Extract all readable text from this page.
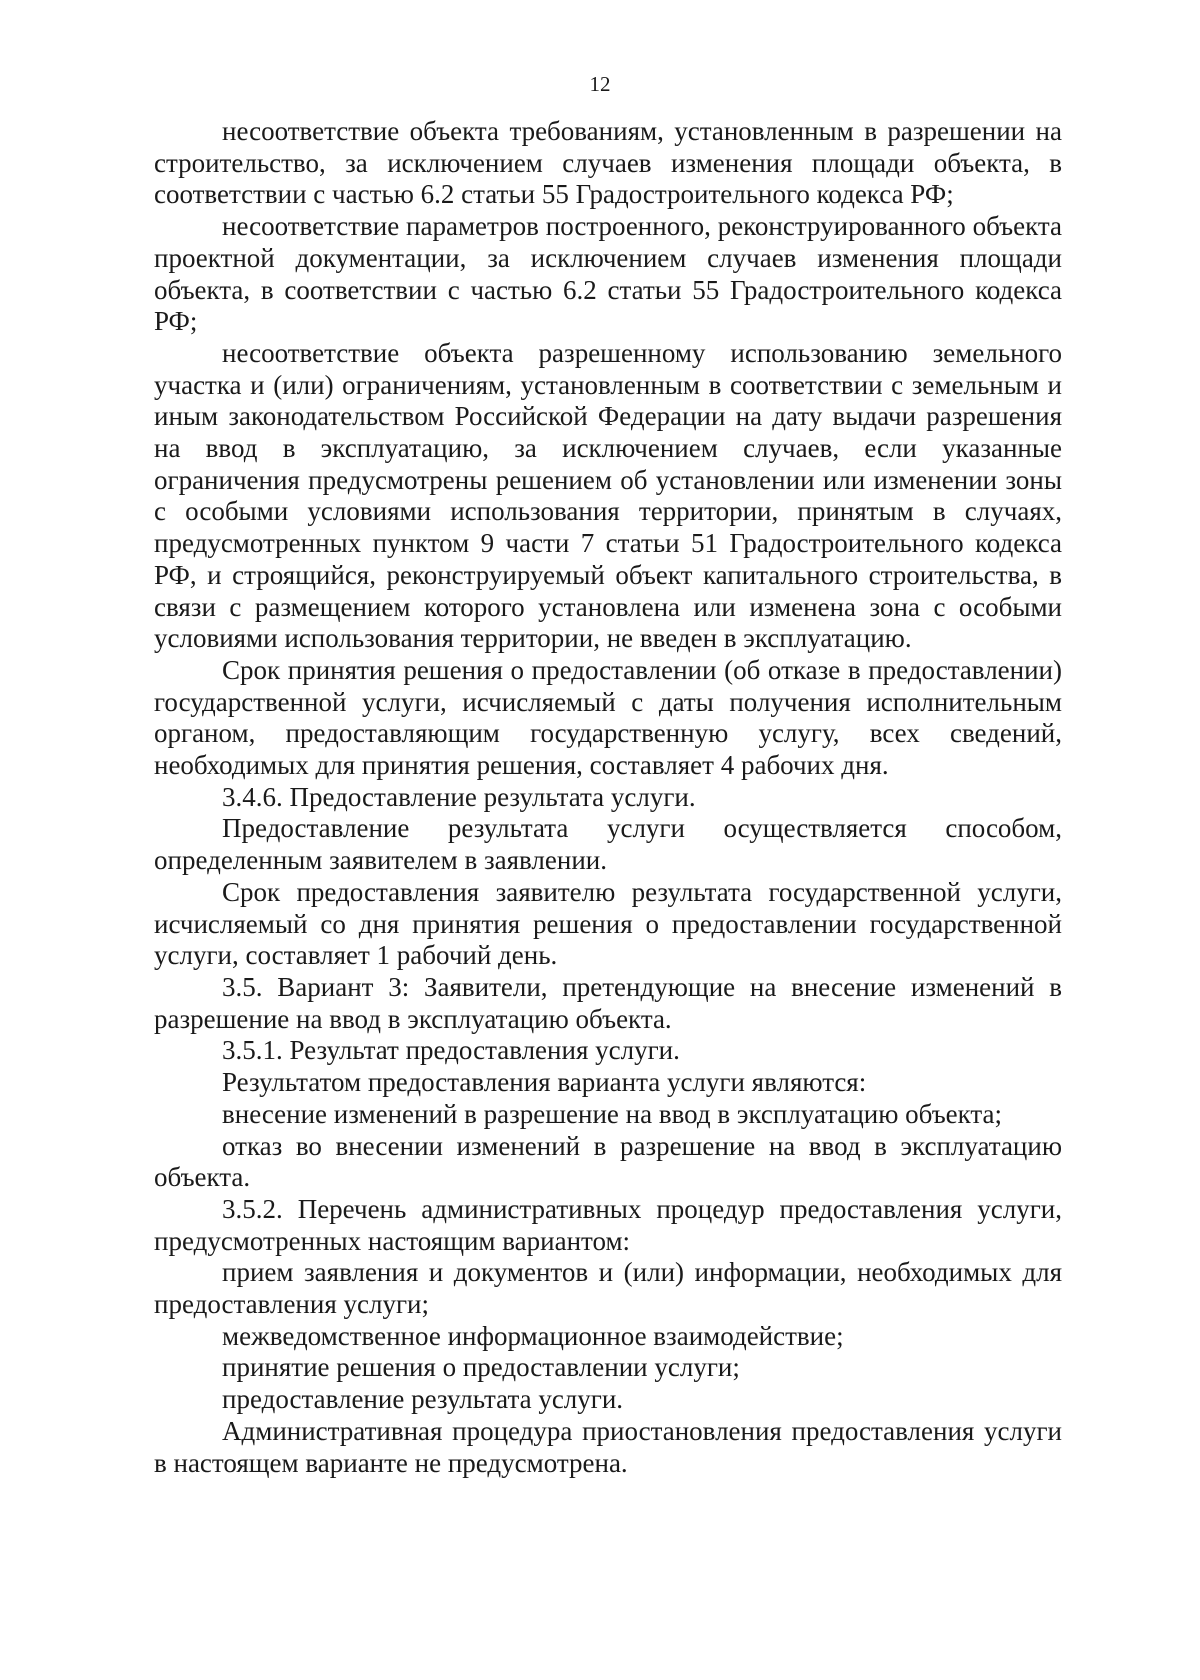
12

несоответствие объекта требованиям, установленным в разрешении на строительство, за исключением случаев изменения площади объекта, в соответствии с частью 6.2 статьи 55 Градостроительного кодекса РФ;

несоответствие параметров построенного, реконструированного объекта проектной документации, за исключением случаев изменения площади объекта, в соответствии с частью 6.2 статьи 55 Градостроительного кодекса РФ;

несоответствие объекта разрешенному использованию земельного участка и (или) ограничениям, установленным в соответствии с земельным и иным законодательством Российской Федерации на дату выдачи разрешения на ввод в эксплуатацию, за исключением случаев, если указанные ограничения предусмотрены решением об установлении или изменении зоны с особыми условиями использования территории, принятым в случаях, предусмотренных пунктом 9 части 7 статьи 51 Градостроительного кодекса РФ, и строящийся, реконструируемый объект капитального строительства, в связи с размещением которого установлена или изменена зона с особыми условиями использования территории, не введен в эксплуатацию.

Срок принятия решения о предоставлении (об отказе в предоставлении) государственной услуги, исчисляемый с даты получения исполнительным органом, предоставляющим государственную услугу, всех сведений, необходимых для принятия решения, составляет 4 рабочих дня.

3.4.6. Предоставление результата услуги.

Предоставление результата услуги осуществляется способом, определенным заявителем в заявлении.

Срок предоставления заявителю результата государственной услуги, исчисляемый со дня принятия решения о предоставлении государственной услуги, составляет 1 рабочий день.

3.5. Вариант 3: Заявители, претендующие на внесение изменений в разрешение на ввод в эксплуатацию объекта.

3.5.1. Результат предоставления услуги.

Результатом предоставления варианта услуги являются:

внесение изменений в разрешение на ввод в эксплуатацию объекта;

отказ во внесении изменений в разрешение на ввод в эксплуатацию объекта.

3.5.2. Перечень административных процедур предоставления услуги, предусмотренных настоящим вариантом:

прием заявления и документов и (или) информации, необходимых для предоставления услуги;

межведомственное информационное взаимодействие;

принятие решения о предоставлении услуги;

предоставление результата услуги.

Административная процедура приостановления предоставления услуги в настоящем варианте не предусмотрена.
